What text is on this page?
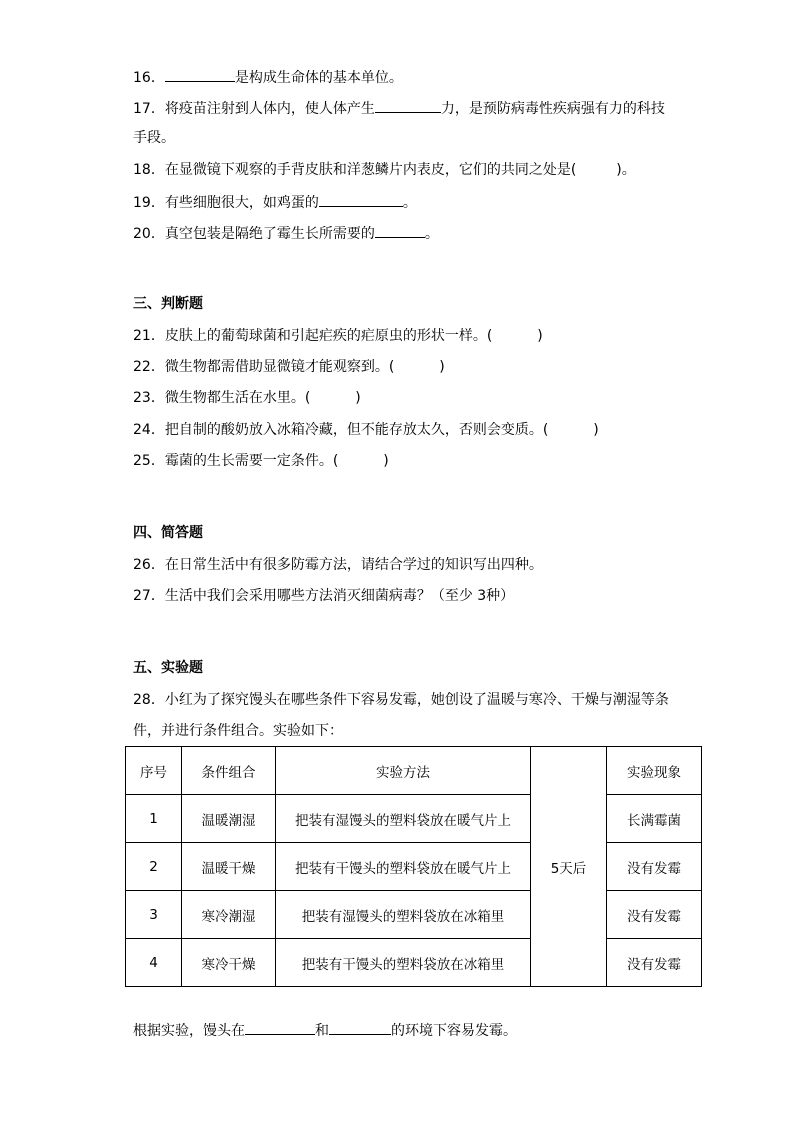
16．	是构成生命体的基本单位。
17．将疫苗注射到人体内，使人体产生	力，是预防病毒性疾病强有力的科技
手段。
18．在显微镜下观察的手背皮肤和洋葱鳞片内表皮，它们的共同之处是(	)。
19．有些细胞很大，如鸡蛋的	。
20．真空包装是隔绝了霉生长所需要的	。
三、判断题
21．皮肤上的葡萄球菌和引起疟疾的疟原虫的形状一样。(	)
22．微生物都需借助显微镜才能观察到。(	)
23．微生物都生活在水里。(	)
24．把自制的酸奶放入冰箱冷藏，但不能存放太久，否则会变质。(	)
25．霉菌的生长需要一定条件。(	)
四、简答题
26．在日常生活中有很多防霉方法，请结合学过的知识写出四种。
27．生活中我们会采用哪些方法消灭细菌病毒？（至少 3种）
五、实验题
28．小红为了探究馒头在哪些条件下容易发霉，她创设了温暖与寒冷、干燥与潮湿等条
件，并进行条件组合。实验如下：
序号	条件组合	实验方法	5天后	实验现象
1	温暖潮湿	把装有湿馒头的塑料袋放在暖气片上		长满霉菌
2	温暖干燥	把装有干馒头的塑料袋放在暖气片上		没有发霉
3	寒冷潮湿	把装有湿馒头的塑料袋放在冰箱里		没有发霉
4	寒冷干燥	把装有干馒头的塑料袋放在冰箱里		没有发霉
根据实验，馒头在	和	的环境下容易发霉。
